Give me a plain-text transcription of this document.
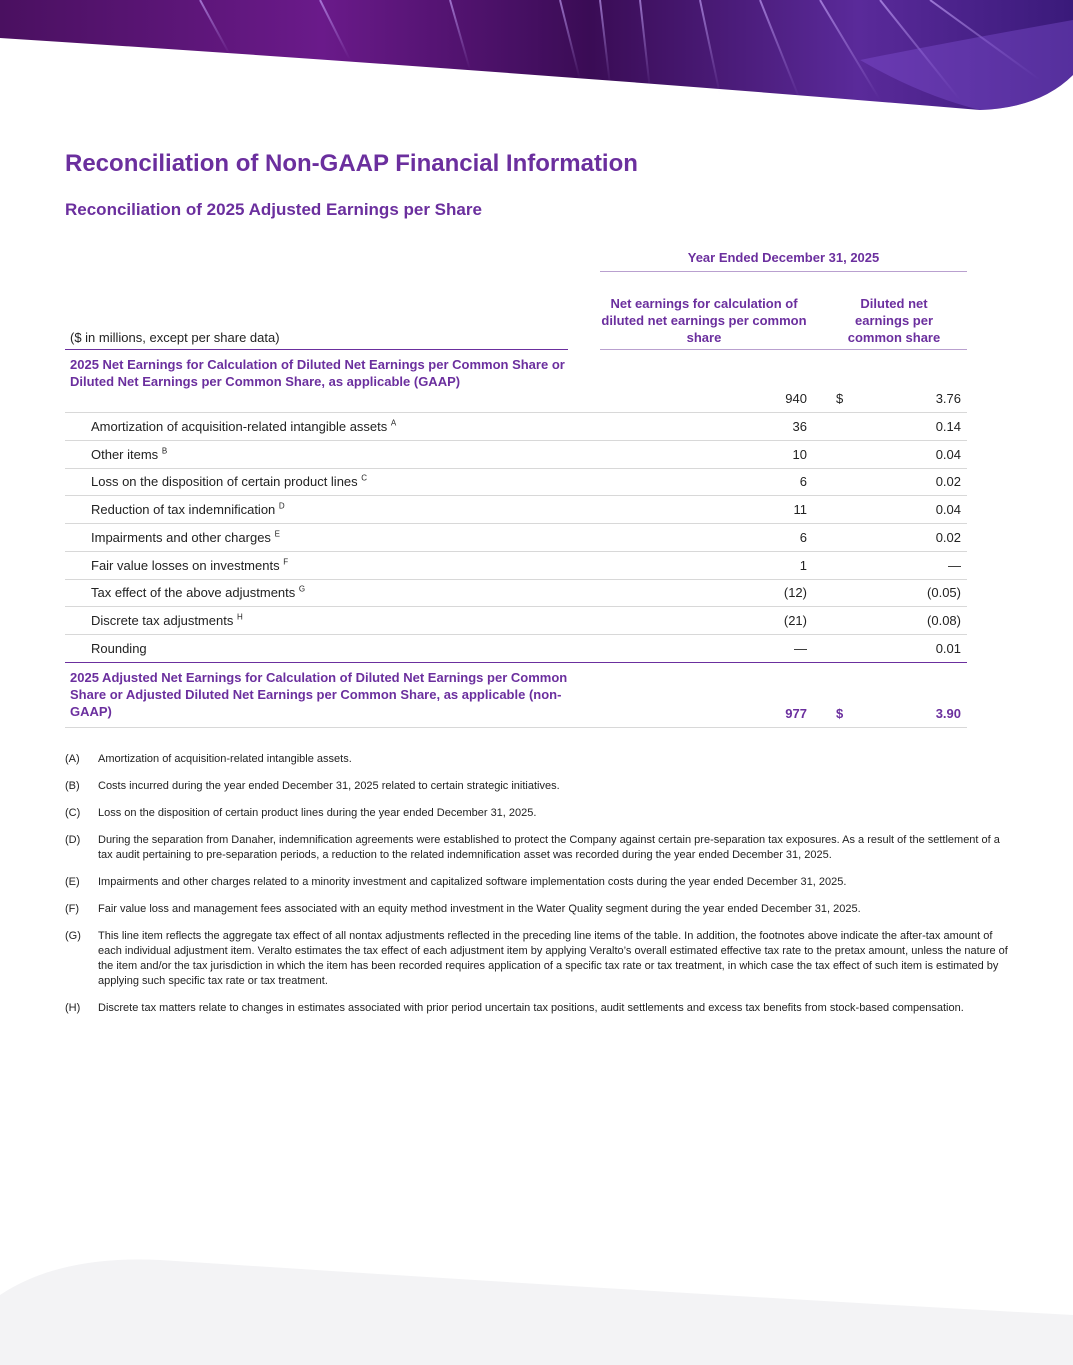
Reconciliation of Non-GAAP Financial Information
Reconciliation of 2025 Adjusted Earnings per Share
Year Ended December 31, 2025
Net earnings for calculation of diluted net earnings per common share
Diluted net earnings per common share
($ in millions, except per share data)
2025 Net Earnings for Calculation of Diluted Net Earnings per Common Share or Diluted Net Earnings per Common Share, as applicable (GAAP)
940 $	3.76
Amortization of acquisition-related intangible assets $^A$	36	0.14
Other items $^B$	10	0.04
Loss on the disposition of certain product lines $^C$	6	0.02
Reduction of tax indemnification $^D$	11	0.04
Impairments and other charges $^E$	6	0.02
Fair value losses on investments $^F$	1	—
Tax effect of the above adjustments $^G$	(12)	(0.05)
Discrete tax adjustments $^H$	(21)	(0.08)
Rounding	—	0.01
2025 Adjusted Net Earnings for Calculation of Diluted Net Earnings per Common Share or Adjusted Diluted Net Earnings per Common Share, as applicable (non-GAAP)	977 $	3.90
(A) Amortization of acquisition-related intangible assets.
(B) Costs incurred during the year ended December 31, 2025 related to certain strategic initiatives.
(C) Loss on the disposition of certain product lines during the year ended December 31, 2025.
(D) During the separation from Danaher, indemnification agreements were established to protect the Company against certain pre-separation tax exposures. As a result of the settlement of a tax audit pertaining to pre-separation periods, a reduction to the related indemnification asset was recorded during the year ended December 31, 2025.
(E) Impairments and other charges related to a minority investment and capitalized software implementation costs during the year ended December 31, 2025.
(F) Fair value loss and management fees associated with an equity method investment in the Water Quality segment during the year ended December 31, 2025.
(G) This line item reflects the aggregate tax effect of all nontax adjustments reflected in the preceding line items of the table. In addition, the footnotes above indicate the after-tax amount of each individual adjustment item. Veralto estimates the tax effect of each adjustment item by applying Veralto’s overall estimated effective tax rate to the pretax amount, unless the nature of the item and/or the tax jurisdiction in which the item has been recorded requires application of a specific tax rate or tax treatment, in which case the tax effect of such item is estimated by applying such specific tax rate or tax treatment.
(H) Discrete tax matters relate to changes in estimates associated with prior period uncertain tax positions, audit settlements and excess tax benefits from stock-based compensation.
